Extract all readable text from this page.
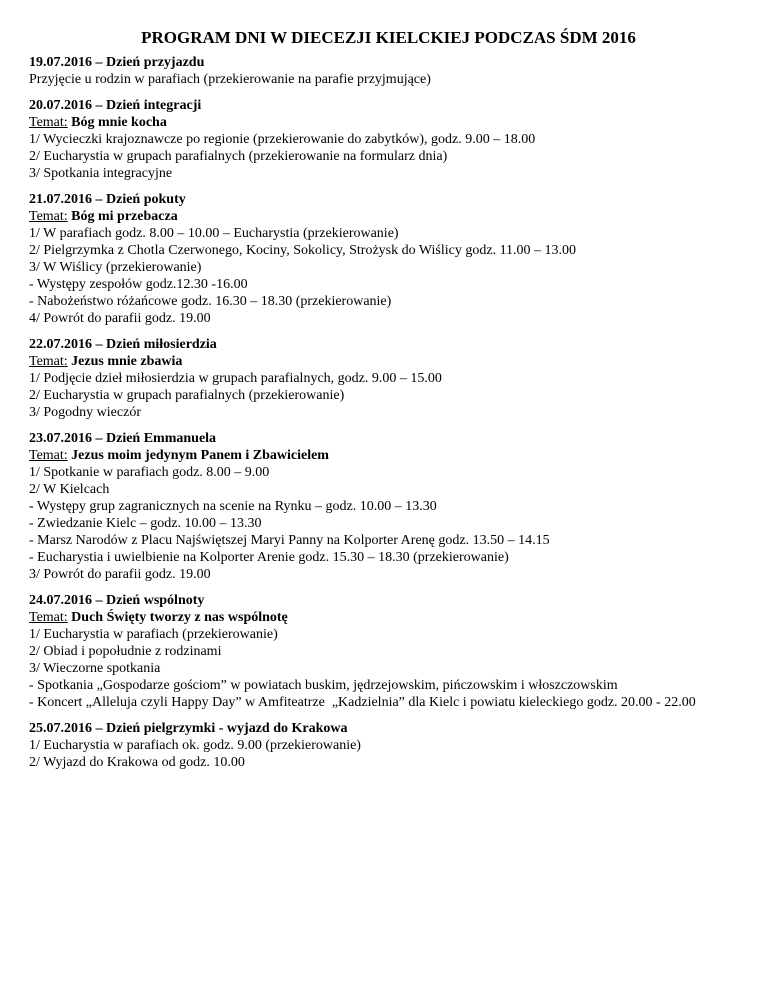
PROGRAM DNI W DIECEZJI KIELCKIEJ PODCZAS ŚDM 2016
19.07.2016 – Dzień przyjazdu
Przyjęcie u rodzin w parafiach (przekierowanie na parafie przyjmujące)
20.07.2016 – Dzień integracji
Temat: Bóg mnie kocha
1/ Wycieczki krajoznawcze po regionie (przekierowanie do zabytków), godz. 9.00 – 18.00
2/ Eucharystia w grupach parafialnych (przekierowanie na formularz dnia)
3/ Spotkania integracyjne
21.07.2016 – Dzień pokuty
Temat: Bóg mi przebacza
1/ W parafiach godz. 8.00 – 10.00 – Eucharystia (przekierowanie)
2/ Pielgrzymka z Chotla Czerwonego, Kociny, Sokolicy, Strożysk do Wiślicy godz. 11.00 – 13.00
3/ W Wiślicy (przekierowanie)
- Występy zespołów godz.12.30 -16.00
- Nabożeństwo różańcowe godz. 16.30 – 18.30 (przekierowanie)
4/ Powrót do parafii godz. 19.00
22.07.2016 – Dzień miłosierdzia
Temat: Jezus mnie zbawia
1/ Podjęcie dzieł miłosierdzia w grupach parafialnych, godz. 9.00 – 15.00
2/ Eucharystia w grupach parafialnych (przekierowanie)
3/ Pogodny wieczór
23.07.2016 – Dzień Emmanuela
Temat: Jezus moim jedynym Panem i Zbawicielem
1/ Spotkanie w parafiach godz. 8.00 – 9.00
2/ W Kielcach
- Występy grup zagranicznych na scenie na Rynku – godz. 10.00 – 13.30
- Zwiedzanie Kielc – godz. 10.00 – 13.30
- Marsz Narodów z Placu Najświętszej Maryi Panny na Kolporter Arenę godz. 13.50 – 14.15
- Eucharystia i uwielbienie na Kolporter Arenie godz. 15.30 – 18.30 (przekierowanie)
3/ Powrót do parafii godz. 19.00
24.07.2016 – Dzień wspólnoty
Temat: Duch Święty tworzy z nas wspólnotę
1/ Eucharystia w parafiach (przekierowanie)
2/ Obiad i popołudnie z rodzinami
3/ Wieczorne spotkania
- Spotkania „Gospodarze gościom” w powiatach buskim, jędrzejowskim, pińczowskim i włoszczowskim
- Koncert „Alleluja czyli Happy Day” w Amfiteatrze  „Kadzielnia” dla Kielc i powiatu kieleckiego godz. 20.00 - 22.00
25.07.2016 – Dzień pielgrzymki - wyjazd do Krakowa
1/ Eucharystia w parafiach ok. godz. 9.00 (przekierowanie)
2/ Wyjazd do Krakowa od godz. 10.00
